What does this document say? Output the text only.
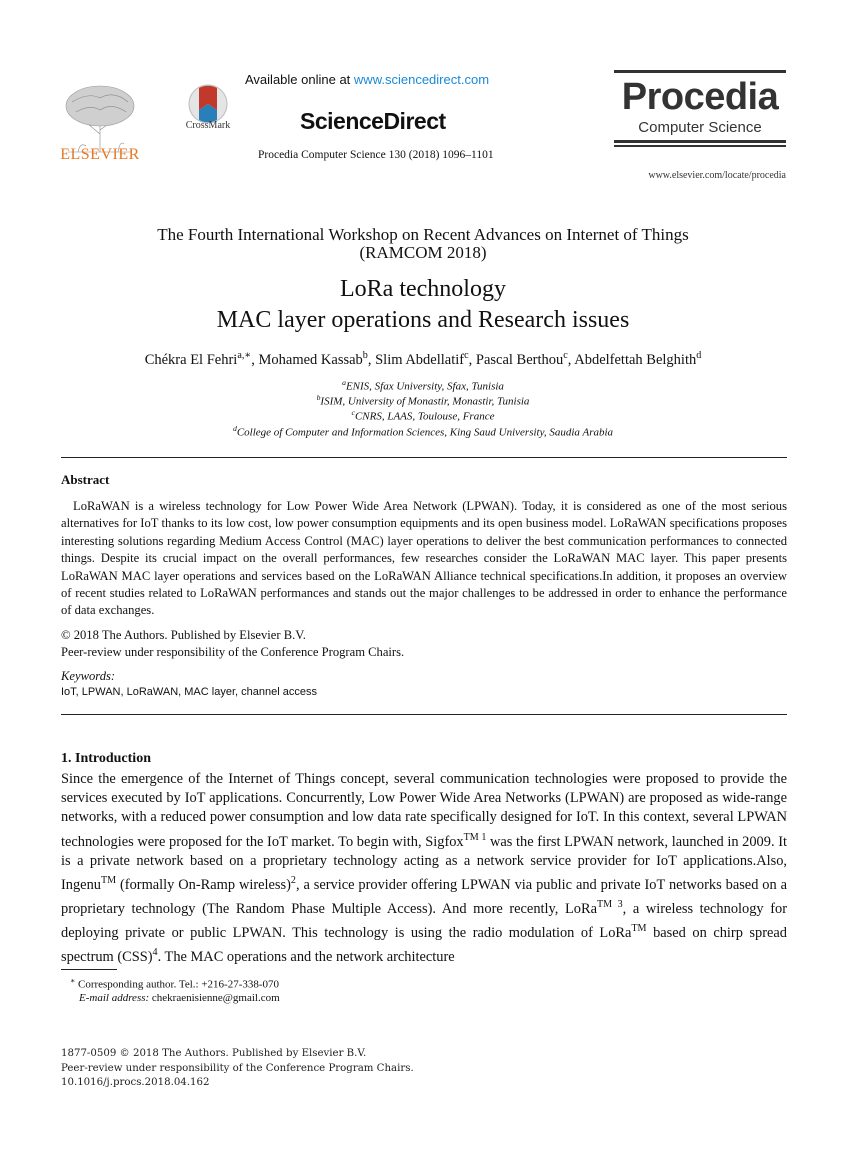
ELSEVIER
CrossMark
Available online at www.sciencedirect.com
ScienceDirect
Procedia Computer Science 130 (2018) 1096–1101
Procedia
Computer Science
www.elsevier.com/locate/procedia
The Fourth International Workshop on Recent Advances on Internet of Things
(RAMCOM 2018)
LoRa technology
MAC layer operations and Research issues
Chékra El Fehri$^{a,∗}$, Mohamed Kassab$^b$, Slim Abdellatif$^c$, Pascal Berthou$^c$, Abdelfettah Belghith$^d$
$^a$ENIS, Sfax University, Sfax, Tunisia
$^b$ISIM, University of Monastir, Monastir, Tunisia
$^c$CNRS, LAAS, Toulouse, France
$^d$College of Computer and Information Sciences, King Saud University, Saudia Arabia
Abstract
LoRaWAN is a wireless technology for Low Power Wide Area Network (LPWAN). Today, it is considered as one of the most serious alternatives for IoT thanks to its low cost, low power consumption equipments and its open business model. LoRaWAN specifications proposes interesting solutions regarding Medium Access Control (MAC) layer operations to deliver the best communication performances to connected things. Despite its crucial impact on the overall performances, few researches consider the LoRaWAN MAC layer. This paper presents LoRaWAN MAC layer operations and services based on the LoRaWAN Alliance technical specifications.In addition, it proposes an overview of recent studies related to LoRaWAN performances and stands out the major challenges to be addressed in order to enhance the performance of data exchanges.
© 2018 The Authors. Published by Elsevier B.V.
Peer-review under responsibility of the Conference Program Chairs.
Keywords:
IoT, LPWAN, LoRaWAN, MAC layer, channel access
1. Introduction
Since the emergence of the Internet of Things concept, several communication technologies were proposed to provide the services executed by IoT applications. Concurrently, Low Power Wide Area Networks (LPWAN) are proposed as wide-range networks, with a reduced power consumption and low data rate specifically designed for IoT. In this context, several LPWAN technologies were proposed for the IoT market. To begin with, Sigfox$^{TM 1}$ was the first LPWAN network, launched in 2009. It is a private network based on a proprietary technology acting as a network service provider for IoT applications.Also, Ingenu™ (formally On-Ramp wireless)$^2$, a service provider offering LPWAN via public and private IoT networks based on a proprietary technology (The Random Phase Multiple Access). And more recently, LoRa$^{TM 3}$, a wireless technology for deploying private or public LPWAN. This technology is using the radio modulation of LoRa™ based on chirp spread spectrum (CSS)$^4$. The MAC operations and the network architecture
∗ Corresponding author. Tel.: +216-27-338-070
E-mail address: chekraenisienne@gmail.com
1877-0509 © 2018 The Authors. Published by Elsevier B.V.
Peer-review under responsibility of the Conference Program Chairs.
10.1016/j.procs.2018.04.162
